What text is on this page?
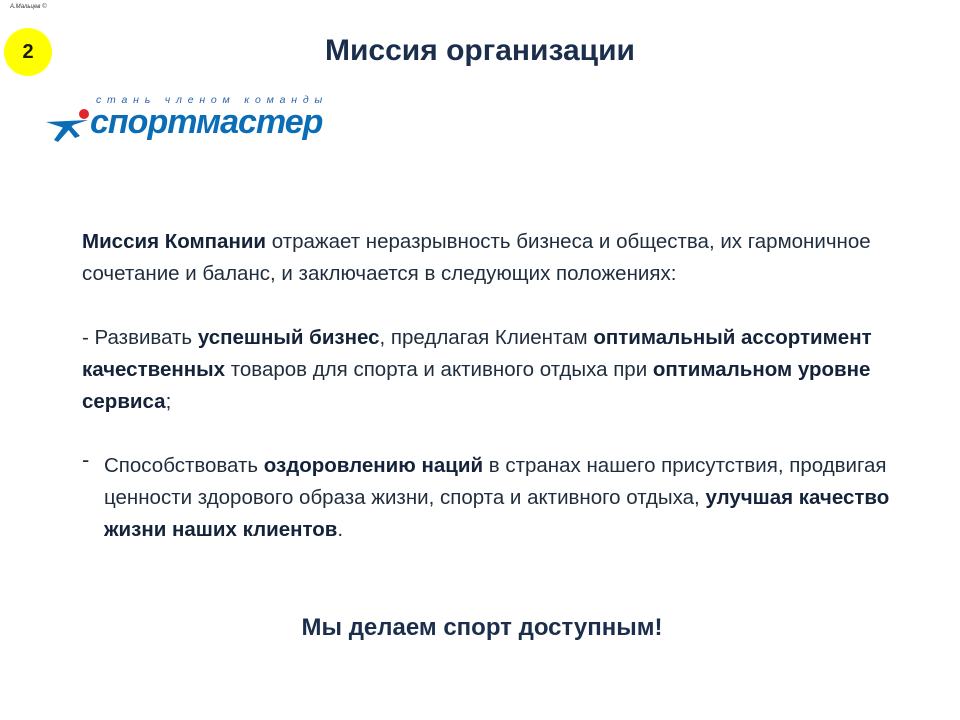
А.Мальцев ©
2	Миссия организации
стань членом команды
спортмастер

Миссия Компании отражает неразрывность бизнеса и общества, их гармоничное сочетание и баланс, и заключается в следующих положениях:

- Развивать успешный бизнес, предлагая Клиентам оптимальный ассортимент качественных товаров для спорта и активного отдыха при оптимальном уровне сервиса;

- Способствовать оздоровлению наций в странах нашего присутствия, продвигая ценности здорового образа жизни, спорта и активного отдыха, улучшая качество жизни наших клиентов.

Мы делаем спорт доступным!
